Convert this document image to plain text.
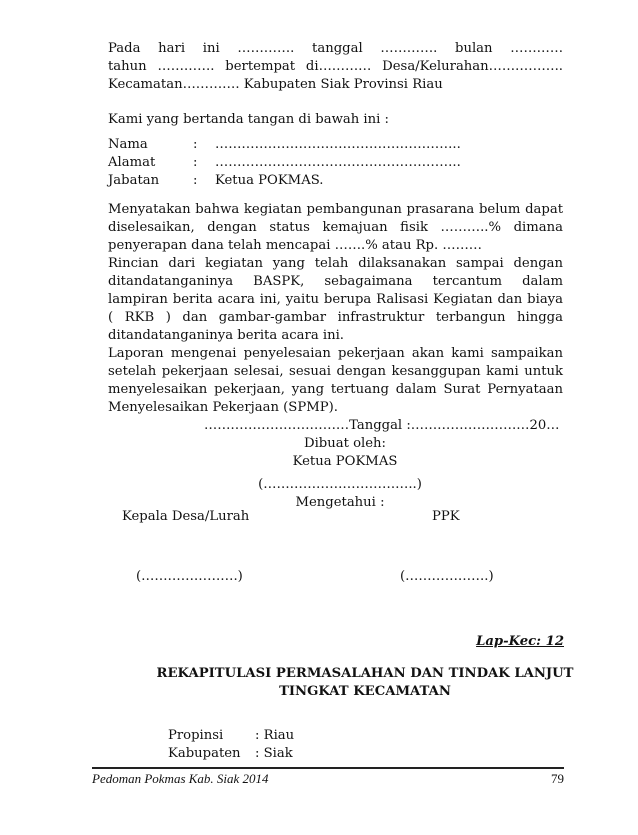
Pada hari ini …………. tanggal …………. bulan …………
tahun …………. bertempat di………… Desa/Kelurahan……………..
Kecamatan…………. Kabupaten Siak Provinsi Riau
Kami yang bertanda tangan di bawah ini :
Nama	: ………………………………………………..
Alamat	: ………………………………………………..
Jabatan	: Ketua POKMAS.
Menyatakan bahwa kegiatan pembangunan prasarana belum dapat
diselesaikan, dengan status kemajuan fisik ………..% dimana
penyerapan dana telah mencapai …….% atau Rp. ………
Rincian dari kegiatan yang telah dilaksanakan sampai dengan
ditandatanganinya BASPK, sebagaimana tercantum dalam
lampiran berita acara ini, yaitu berupa Ralisasi Kegiatan dan biaya
( RKB ) dan gambar-gambar infrastruktur terbangun hingga
ditandatanganinya berita acara ini.
Laporan mengenai penyelesaian pekerjaan akan kami sampaikan
setelah pekerjaan selesai, sesuai dengan kesanggupan kami untuk
menyelesaikan pekerjaan, yang tertuang dalam Surat Pernyataan
Menyelesaikan Pekerjaan (SPMP).
……………………………Tanggal :………………………20…
Dibuat oleh:
Ketua POKMAS
(……………………………..)
Mengetahui :
Kepala Desa/Lurah	PPK
(………………….)	(……………….)
Lap-Kec: 12
REKAPITULASI PERMASALAHAN DAN TINDAK LANJUT
TINGKAT KECAMATAN
Propinsi : Riau
Kabupaten : Siak
Pedoman Pokmas Kab. Siak 2014	79
